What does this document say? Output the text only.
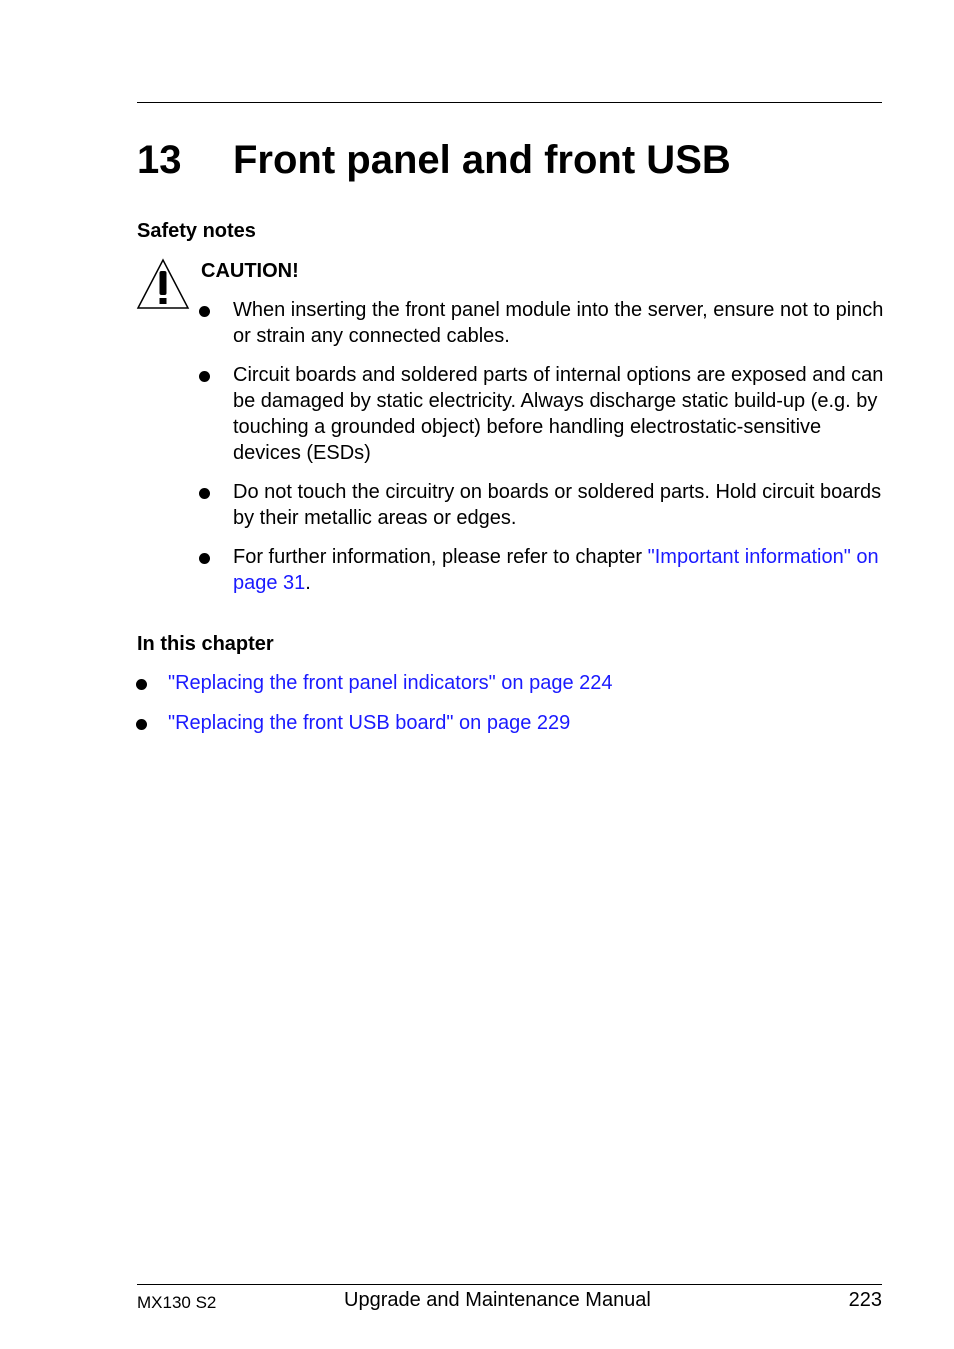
13 Front panel and front USB
Safety notes
CAUTION!
When inserting the front panel module into the server, ensure not to pinch or strain any connected cables.
Circuit boards and soldered parts of internal options are exposed and can be damaged by static electricity. Always discharge static build-up (e.g. by touching a grounded object) before handling electrostatic-sensitive devices (ESDs)
Do not touch the circuitry on boards or soldered parts. Hold circuit boards by their metallic areas or edges.
For further information, please refer to chapter "Important information" on page 31.
In this chapter
"Replacing the front panel indicators" on page 224
"Replacing the front USB board" on page 229
MX130 S2	Upgrade and Maintenance Manual	223
